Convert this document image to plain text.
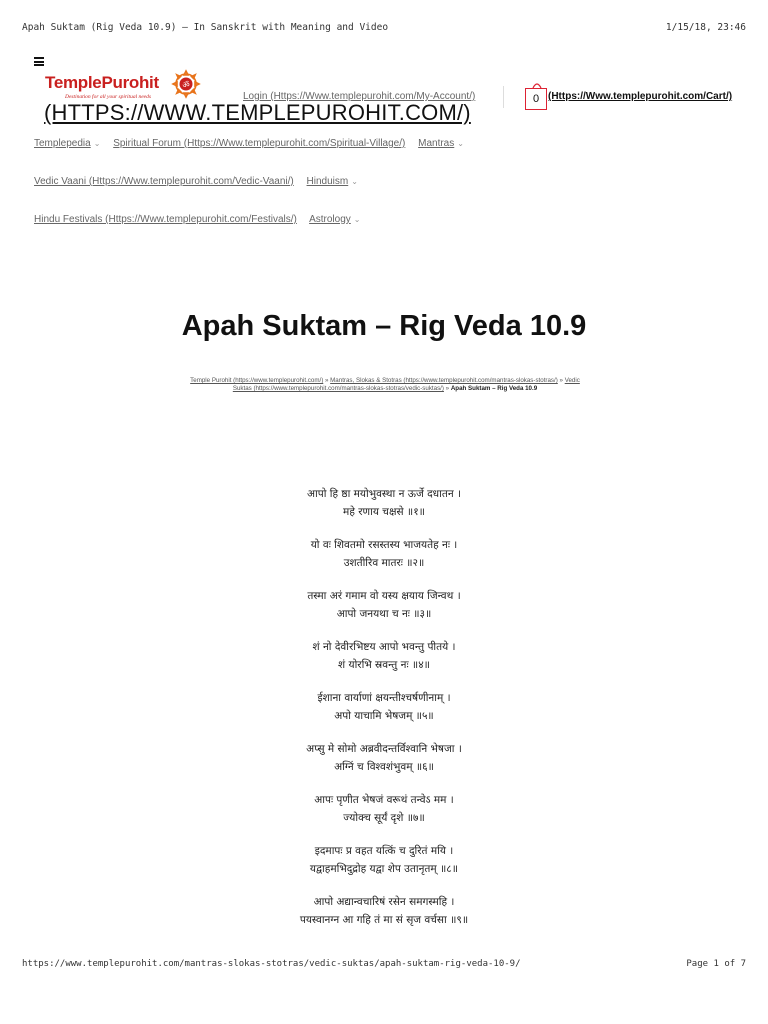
Apah Suktam (Rig Veda 10.9) – In Sanskrit with Meaning and Video	1/15/18, 23:46
TemplePurohit
Destination for all your spiritual needs
ॐ
(HTTPS://WWW.TEMPLEPUROHIT.COM/)
Login (Https://Www.templepurohit.com/My-Account/)	0 (Https://Www.templepurohit.com/Cart/)
Templepedia ⌄ Spiritual Forum (Https://Www.templepurohit.com/Spiritual-Village/) Mantras ⌄
Vedic Vaani (Https://Www.templepurohit.com/Vedic-Vaani/) Hinduism ⌄
Hindu Festivals (Https://Www.templepurohit.com/Festivals/) Astrology ⌄
Apah Suktam – Rig Veda 10.9
Temple Purohit (https://www.templepurohit.com/) » Mantras, Slokas & Stotras (https://www.templepurohit.com/mantras-slokas-stotras/) » Vedic Suktas (https://www.templepurohit.com/mantras-slokas-stotras/vedic-suktas/) » Apah Suktam – Rig Veda 10.9
आपो हि ष्ठा मयोभुवस्था न ऊर्जे दधातन ।
महे रणाय चक्षसे ॥१॥
यो वः शिवतमो रसस्तस्य भाजयतेह नः ।
उशतीरिव मातरः ॥२॥
तस्मा अरं गमाम वो यस्य क्षयाय जिन्वथ ।
आपो जनयथा च नः ॥३॥
शं नो देवीरभिष्टय आपो भवन्तु पीतये ।
शं योरभि स्रवन्तु नः ॥४॥
ईशाना वार्याणां क्षयन्तीश्चर्षणीनाम् ।
अपो याचामि भेषजम् ॥५॥
अप्सु मे सोमो अब्रवीदन्तर्विश्वानि भेषजा ।
अग्निं च विश्वशंभुवम् ॥६॥
आपः पृणीत भेषजं वरूथं तन्वेऽ मम ।
ज्योक्च सूर्यं दृशे ॥७॥
इदमापः प्र वहत यत्किं च दुरितं मयि ।
यद्वाहमभिदुद्रोह यद्वा शेप उतानृतम् ॥८॥
आपो अद्यान्वचारिषं रसेन समगस्महि ।
पयस्वानग्न आ गहि तं मा सं सृज वर्चसा ॥९॥
https://www.templepurohit.com/mantras-slokas-stotras/vedic-suktas/apah-suktam-rig-veda-10-9/	Page 1 of 7
